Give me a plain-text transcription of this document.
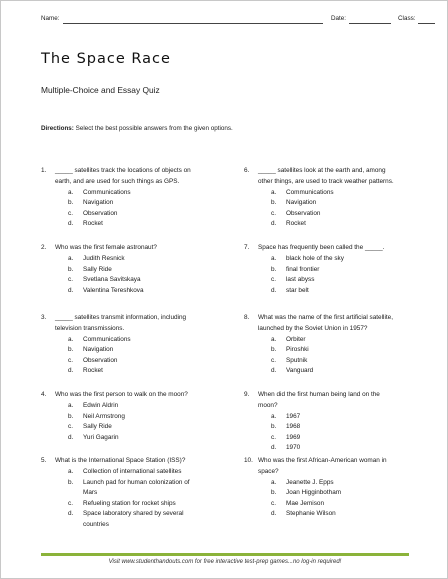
Name:	Date:	Class:
The Space Race
Multiple-Choice and Essay Quiz
Directions: Select the best possible answers from the given options.
1.	_____ satellites track the locations of objects on
earth, and are used for such things as GPS.
a. Communications
b. Navigation
c. Observation
d. Rocket
2.	Who was the first female astronaut?
a. Judith Resnick
b. Sally Ride
c. Svetlana Savitskaya
d. Valentina Tereshkova
3.	_____ satellites transmit information, including
television transmissions.
a. Communications
b. Navigation
c. Observation
d. Rocket
4.	Who was the first person to walk on the moon?
a. Edwin Aldrin
b. Neil Armstrong
c. Sally Ride
d. Yuri Gagarin
5.	What is the International Space Station (ISS)?
a. Collection of international satellites
b. Launch pad for human colonization of
Mars
c. Refueling station for rocket ships
d. Space laboratory shared by several
countries
6.	_____ satellites look at the earth and, among
other things, are used to track weather patterns.
a. Communications
b. Navigation
c. Observation
d. Rocket
7.	Space has frequently been called the _____.
a. black hole of the sky
b. final frontier
c. last abyss
d. star belt
8.	What was the name of the first artificial satellite,
launched by the Soviet Union in 1957?
a. Orbiter
b. Piroshki
c. Sputnik
d. Vanguard
9.	When did the first human being land on the
moon?
a. 1967
b. 1968
c. 1969
d. 1970
10. Who was the first African-American woman in
space?
a. Jeanette J. Epps
b. Joan Higginbotham
c. Mae Jemison
d. Stephanie Wilson
Visit www.studenthandouts.com for free interactive test-prep games...no log-in required!
